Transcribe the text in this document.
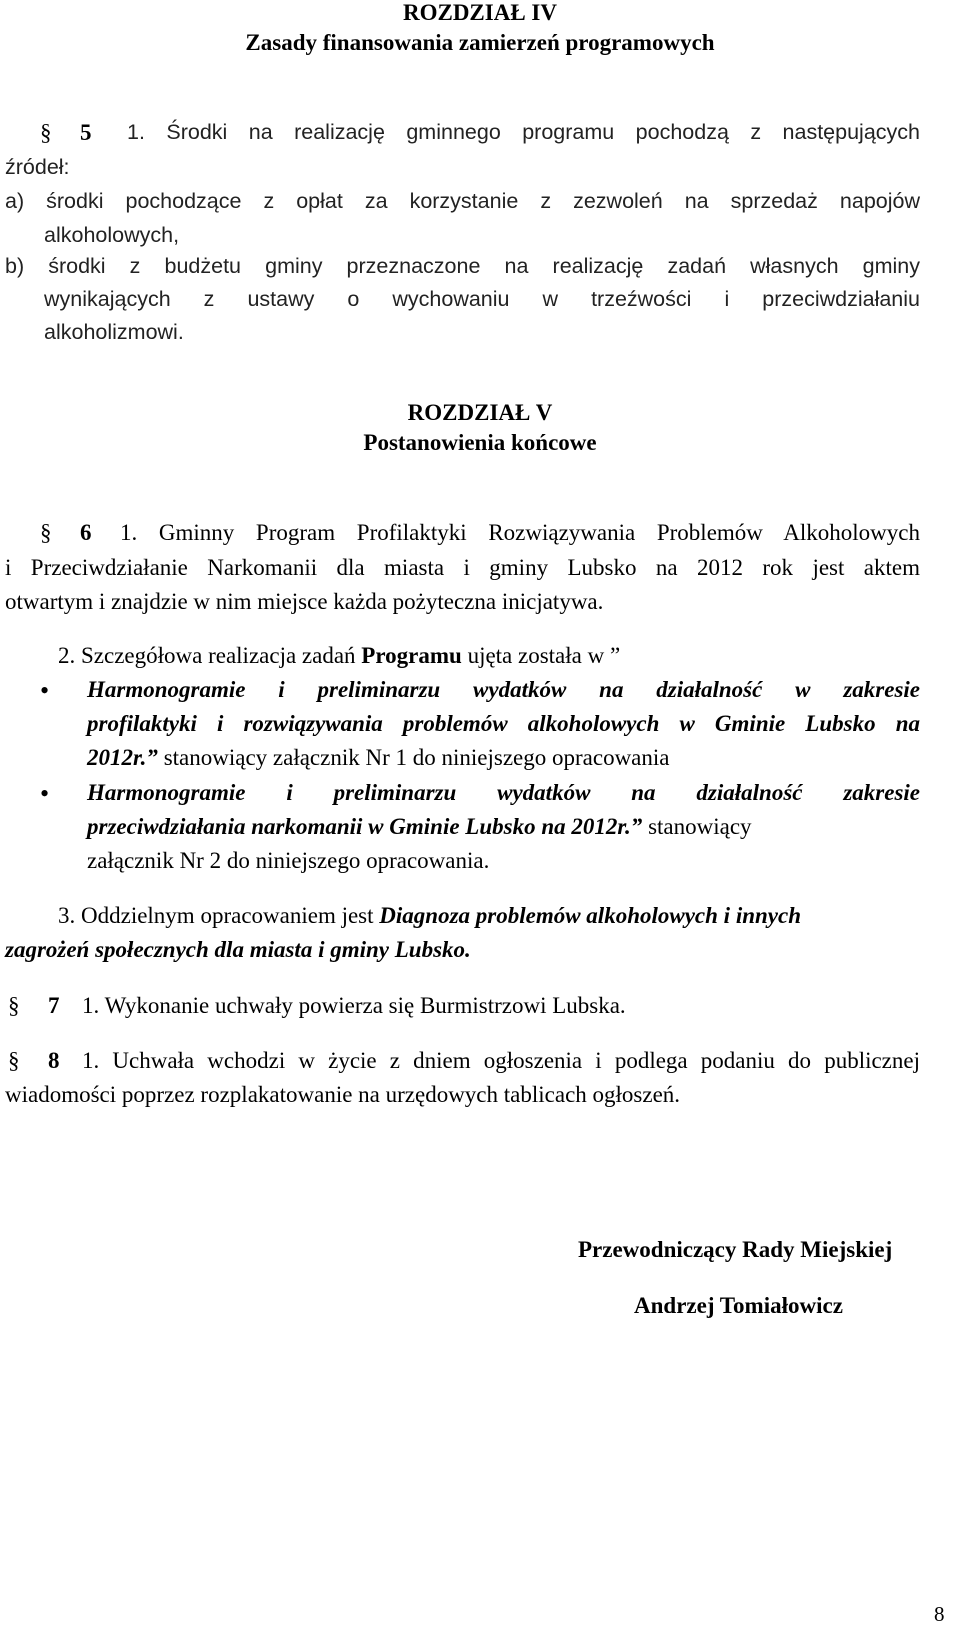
ROZDZIAŁ IV
Zasady finansowania zamierzeń programowych
§ 5 1. Środki na realizację gminnego programu pochodzą z następujących
źródeł:
a) środki pochodzące z opłat za korzystanie z zezwoleń na sprzedaż napojów
alkoholowych,
b) środki z budżetu gminy przeznaczone na realizację zadań własnych gminy
wynikających z ustawy o wychowaniu w trzeźwości i przeciwdziałaniu
alkoholizmowi.
ROZDZIAŁ V
Postanowienia końcowe
§ 6 1. Gminny Program Profilaktyki Rozwiązywania Problemów Alkoholowych
i Przeciwdziałanie Narkomanii dla miasta i gminy Lubsko na 2012 rok jest aktem
otwartym i znajdzie w nim miejsce każda pożyteczna inicjatywa.
2. Szczegółowa realizacja zadań Programu ujęta została w ”
• Harmonogramie i preliminarzu wydatków na działalność w zakresie
profilaktyki i rozwiązywania problemów alkoholowych w Gminie Lubsko na
2012r.” stanowiący załącznik Nr 1 do niniejszego opracowania
• Harmonogramie i preliminarzu wydatków na działalność zakresie
przeciwdziałania narkomanii w Gminie Lubsko na 2012r.” stanowiący
załącznik Nr 2 do niniejszego opracowania.
3. Oddzielnym opracowaniem jest Diagnoza problemów alkoholowych i innych
zagrożeń społecznych dla miasta i gminy Lubsko.
§ 7 1. Wykonanie uchwały powierza się Burmistrzowi Lubska.
§ 8 1. Uchwała wchodzi w życie z dniem ogłoszenia i podlega podaniu do publicznej
wiadomości poprzez rozplakatowanie na urzędowych tablicach ogłoszeń.
Przewodniczący Rady Miejskiej
Andrzej Tomiałowicz
8
